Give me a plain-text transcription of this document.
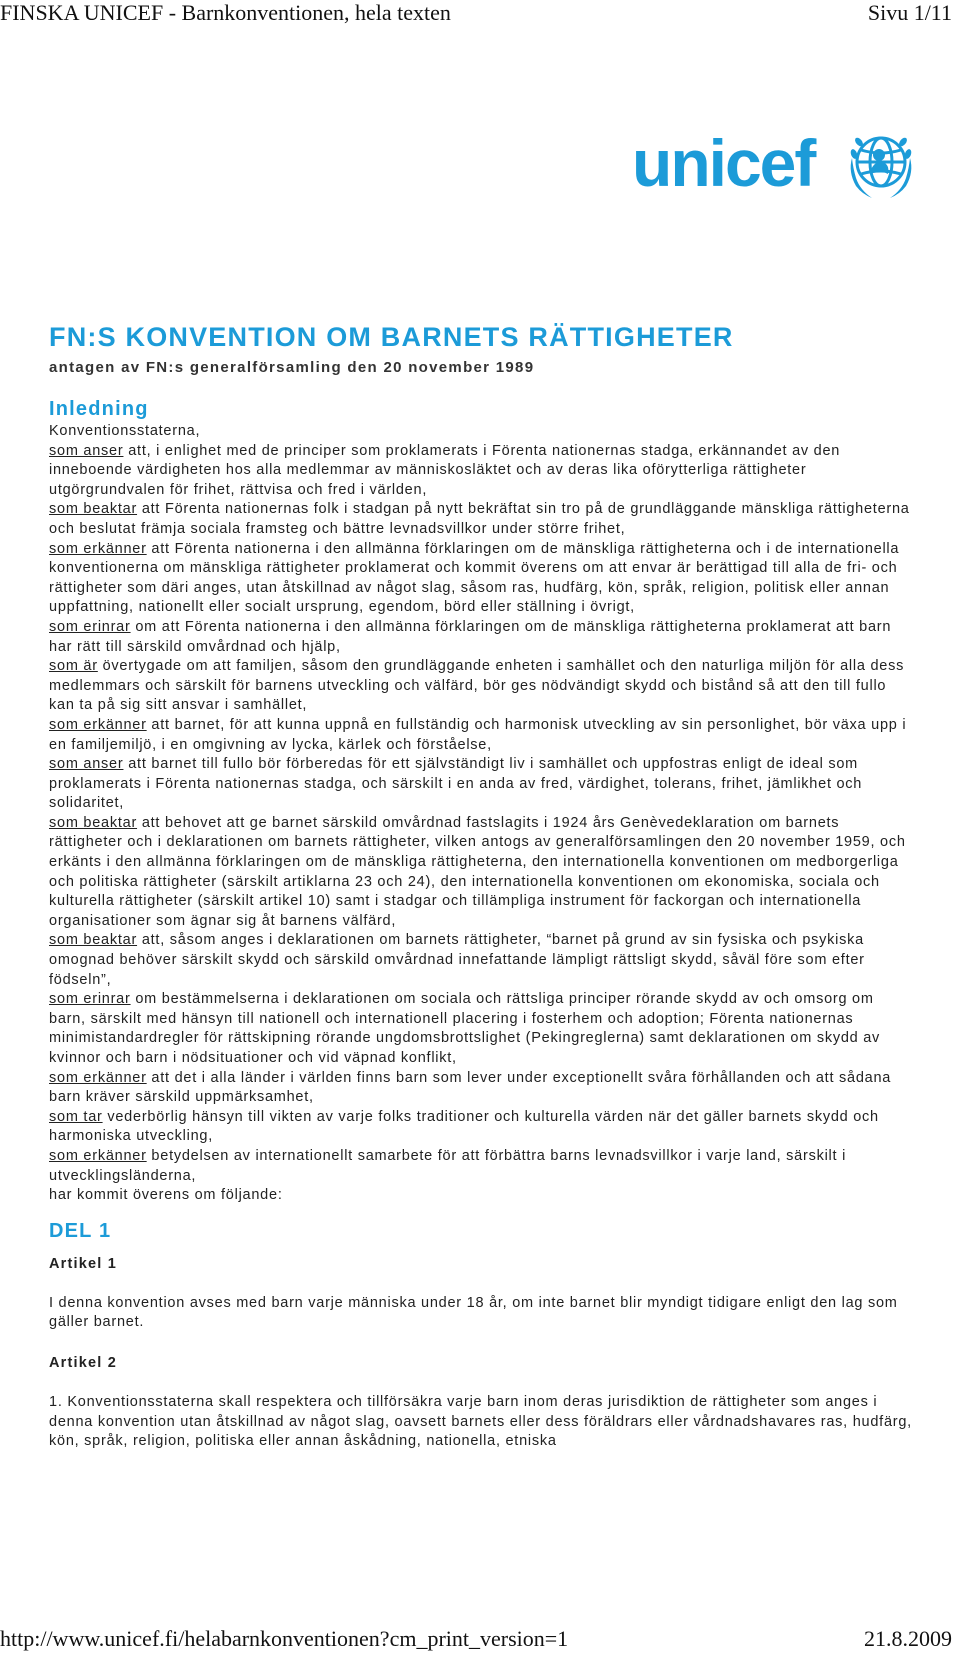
FINSKA UNICEF - Barnkonventionen, hela texten	Sivu 1/11
unicef
FN:S KONVENTION OM BARNETS RÄTTIGHETER

antagen av FN:s generalförsamling den 20 november 1989

Inledning

Konventionsstaterna,

som anser att, i enlighet med de principer som proklamerats i Förenta nationernas stadga, erkännandet av den inneboende värdigheten hos alla medlemmar av människosläktet och av deras lika oförytterliga rättigheter utgörgrundvalen för frihet, rättvisa och fred i världen,

som beaktar att Förenta nationernas folk i stadgan på nytt bekräftat sin tro på de grundläggande mänskliga rättigheterna och beslutat främja sociala framsteg och bättre levnadsvillkor under större frihet,

som erkänner att Förenta nationerna i den allmänna förklaringen om de mänskliga rättigheterna och i de internationella konventionerna om mänskliga rättigheter proklamerat och kommit överens om att envar är berättigad till alla de fri- och rättigheter som däri anges, utan åtskillnad av något slag, såsom ras, hudfärg, kön, språk, religion, politisk eller annan uppfattning, nationellt eller socialt ursprung, egendom, börd eller ställning i övrigt,

som erinrar om att Förenta nationerna i den allmänna förklaringen om de mänskliga rättigheterna proklamerat att barn har rätt till särskild omvårdnad och hjälp,

som är övertygade om att familjen, såsom den grundläggande enheten i samhället och den naturliga miljön för alla dess medlemmars och särskilt för barnens utveckling och välfärd, bör ges nödvändigt skydd och bistånd så att den till fullo kan ta på sig sitt ansvar i samhället,

som erkänner att barnet, för att kunna uppnå en fullständig och harmonisk utveckling av sin personlighet, bör växa upp i en familjemiljö, i en omgivning av lycka, kärlek och förståelse,

som anser att barnet till fullo bör förberedas för ett självständigt liv i samhället och uppfostras enligt de ideal som proklamerats i Förenta nationernas stadga, och särskilt i en anda av fred, värdighet, tolerans, frihet, jämlikhet och solidaritet,

som beaktar att behovet att ge barnet särskild omvårdnad fastslagits i 1924 års Genèvedeklaration om barnets rättigheter och i deklarationen om barnets rättigheter, vilken antogs av generalförsamlingen den 20 november 1959, och erkänts i den allmänna förklaringen om de mänskliga rättigheterna, den internationella konventionen om medborgerliga och politiska rättigheter (särskilt artiklarna 23 och 24), den internationella konventionen om ekonomiska, sociala och kulturella rättigheter (särskilt artikel 10) samt i stadgar och tillämpliga instrument för fackorgan och internationella organisationer som ägnar sig åt barnens välfärd,

som beaktar att, såsom anges i deklarationen om barnets rättigheter, “barnet på grund av sin fysiska och psykiska omognad behöver särskilt skydd och särskild omvårdnad innefattande lämpligt rättsligt skydd, såväl före som efter födseln”,

som erinrar om bestämmelserna i deklarationen om sociala och rättsliga principer rörande skydd av och omsorg om barn, särskilt med hänsyn till nationell och internationell placering i fosterhem och adoption; Förenta nationernas minimistandardregler för rättskipning rörande ungdomsbrottslighet (Pekingreglerna) samt deklarationen om skydd av kvinnor och barn i nödsituationer och vid väpnad konflikt,

som erkänner att det i alla länder i världen finns barn som lever under exceptionellt svåra förhållanden och att sådana barn kräver särskild uppmärksamhet,

som tar vederbörlig hänsyn till vikten av varje folks traditioner och kulturella värden när det gäller barnets skydd och harmoniska utveckling,

som erkänner betydelsen av internationellt samarbete för att förbättra barns levnadsvillkor i varje land, särskilt i utvecklingsländerna,

har kommit överens om följande:

DEL 1
Artikel 1

I denna konvention avses med barn varje människa under 18 år, om inte barnet blir myndigt tidigare enligt den lag som gäller barnet.

Artikel 2

1. Konventionsstaterna skall respektera och tillförsäkra varje barn inom deras jurisdiktion de rättigheter som anges i denna konvention utan åtskillnad av något slag, oavsett barnets eller dess föräldrars eller vårdnadshavares ras, hudfärg, kön, språk, religion, politiska eller annan åskådning, nationella, etniska

http://www.unicef.fi/helabarnkonventionen?cm_print_version=1	21.8.2009
